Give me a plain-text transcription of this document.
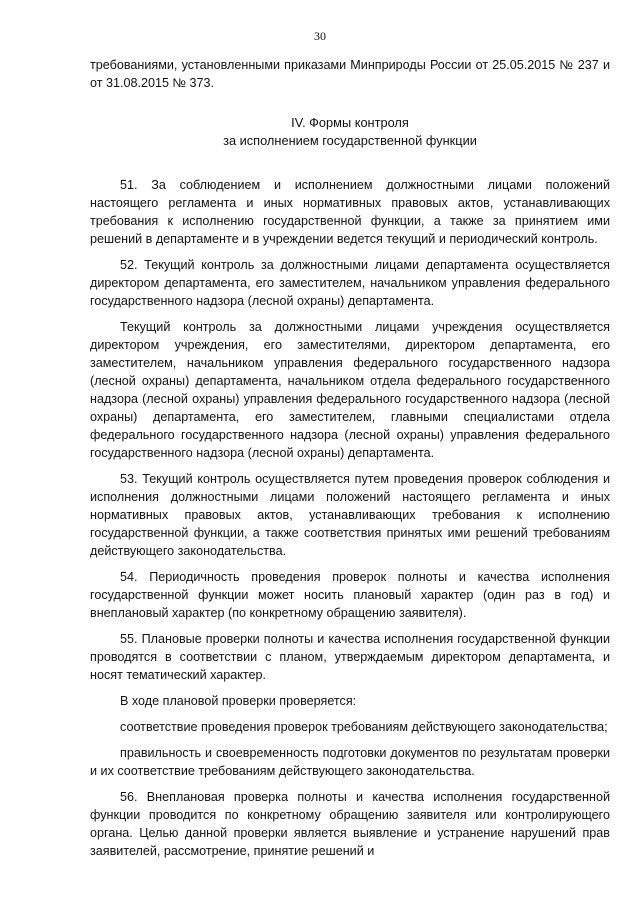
30

требованиями, установленными приказами Минприроды России от 25.05.2015 № 237 и от 31.08.2015 № 373.

IV. Формы контроля
за исполнением государственной функции

51. За соблюдением и исполнением должностными лицами положений настоящего регламента и иных нормативных правовых актов, устанавливающих требования к исполнению государственной функции, а также за принятием ими решений в департаменте и в учреждении ведется текущий и периодический контроль.

52. Текущий контроль за должностными лицами департамента осуществляется директором департамента, его заместителем, начальником управления федерального государственного надзора (лесной охраны) департамента.

Текущий контроль за должностными лицами учреждения осуществляется директором учреждения, его заместителями, директором департамента, его заместителем, начальником управления федерального государственного надзора (лесной охраны) департамента, начальником отдела федерального государственного надзора (лесной охраны) управления федерального государственного надзора (лесной охраны) департамента, его заместителем, главными специалистами отдела федерального государственного надзора (лесной охраны) управления федерального государственного надзора (лесной охраны) департамента.

53. Текущий контроль осуществляется путем проведения проверок соблюдения и исполнения должностными лицами положений настоящего регламента и иных нормативных правовых актов, устанавливающих требования к исполнению государственной функции, а также соответствия принятых ими решений требованиям действующего законодательства.

54. Периодичность проведения проверок полноты и качества исполнения государственной функции может носить плановый характер (один раз в год) и внеплановый характер (по конкретному обращению заявителя).

55. Плановые проверки полноты и качества исполнения государственной функции проводятся в соответствии с планом, утверждаемым директором департамента, и носят тематический характер.

В ходе плановой проверки проверяется:

соответствие проведения проверок требованиям действующего законодательства;

правильность и своевременность подготовки документов по результатам проверки и их соответствие требованиям действующего законодательства.

56. Внеплановая проверка полноты и качества исполнения государственной функции проводится по конкретному обращению заявителя или контролирующего органа. Целью данной проверки является выявление и устранение нарушений прав заявителей, рассмотрение, принятие решений и
